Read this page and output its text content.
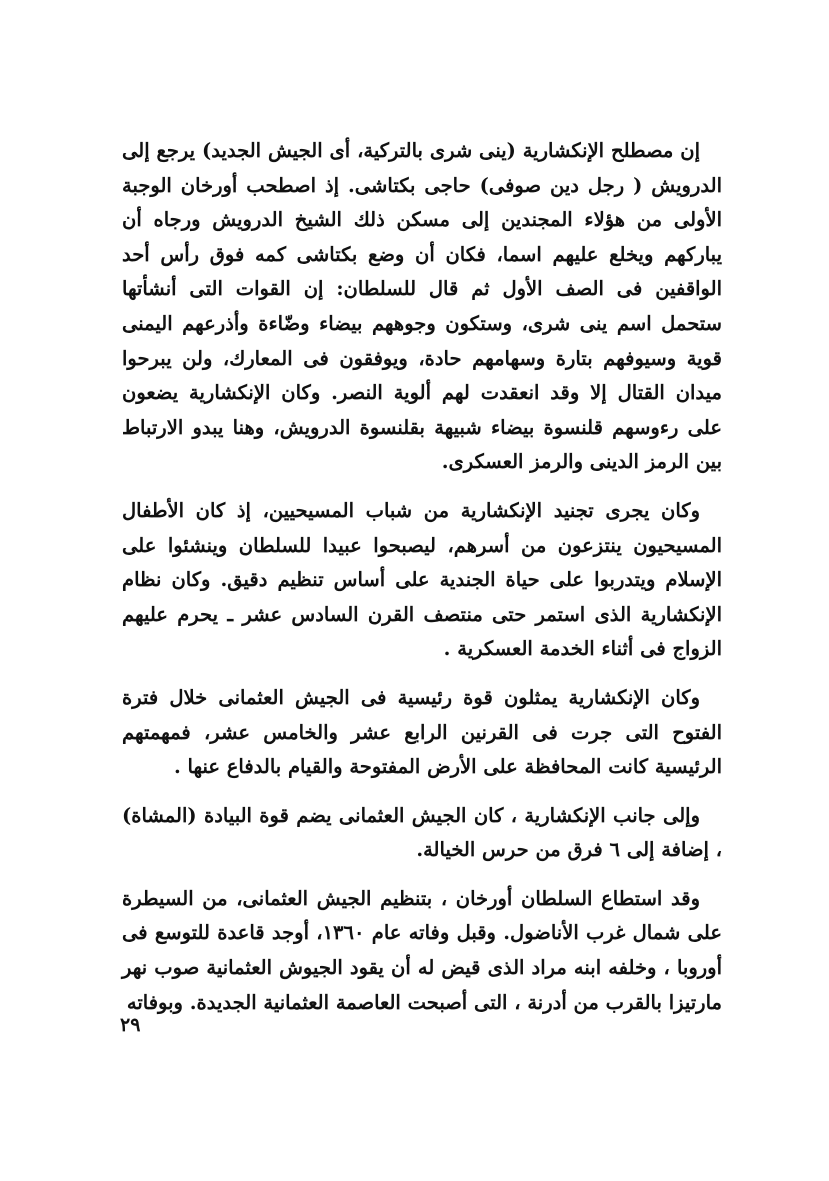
إن مصطلح الإنكشارية (ينى شرى بالتركية، أى الجيش الجديد) يرجع إلى الدرويش ( رجل دين صوفى) حاجى بكتاشى. إذ اصطحب أورخان الوجبة الأولى من هؤلاء المجندين إلى مسكن ذلك الشيخ الدرويش ورجاه أن يباركهم ويخلع عليهم اسما، فكان أن وضع بكتاشى كمه فوق رأس أحد الواقفين فى الصف الأول ثم قال للسلطان: إن القوات التى أنشأتها ستحمل اسم ينى شرى، وستكون وجوههم بيضاء وضّاءة وأذرعهم اليمنى قوية وسيوفهم بتارة وسهامهم حادة، ويوفقون فى المعارك، ولن يبرحوا ميدان القتال إلا وقد انعقدت لهم ألوية النصر. وكان الإنكشارية يضعون على رءوسهم قلنسوة بيضاء شبيهة بقلنسوة الدرويش، وهنا يبدو الارتباط بين الرمز الدينى والرمز العسكرى.

وكان يجرى تجنيد الإنكشارية من شباب المسيحيين، إذ كان الأطفال المسيحيون ينتزعون من أسرهم، ليصبحوا عبيدا للسلطان وينشئوا على الإسلام ويتدربوا على حياة الجندية على أساس تنظيم دقيق. وكان نظام الإنكشارية الذى استمر حتى منتصف القرن السادس عشر ـ يحرم عليهم الزواج فى أثناء الخدمة العسكرية .

وكان الإنكشارية يمثلون قوة رئيسية فى الجيش العثمانى خلال فترة الفتوح التى جرت فى القرنين الرابع عشر والخامس عشر، فمهمتهم الرئيسية كانت المحافظة على الأرض المفتوحة والقيام بالدفاع عنها .

وإلى جانب الإنكشارية ، كان الجيش العثمانى يضم قوة البيادة (المشاة) ، إضافة إلى ٦ فرق من حرس الخيالة.

وقد استطاع السلطان أورخان ، بتنظيم الجيش العثمانى، من السيطرة على شمال غرب الأناضول. وقبل وفاته عام ١٣٦٠، أوجد قاعدة للتوسع فى أوروبا ، وخلفه ابنه مراد الذى قيض له أن يقود الجيوش العثمانية صوب نهر مارتيزا بالقرب من أدرنة ، التى أصبحت العاصمة العثمانية الجديدة. وبوفاته

٢٩
